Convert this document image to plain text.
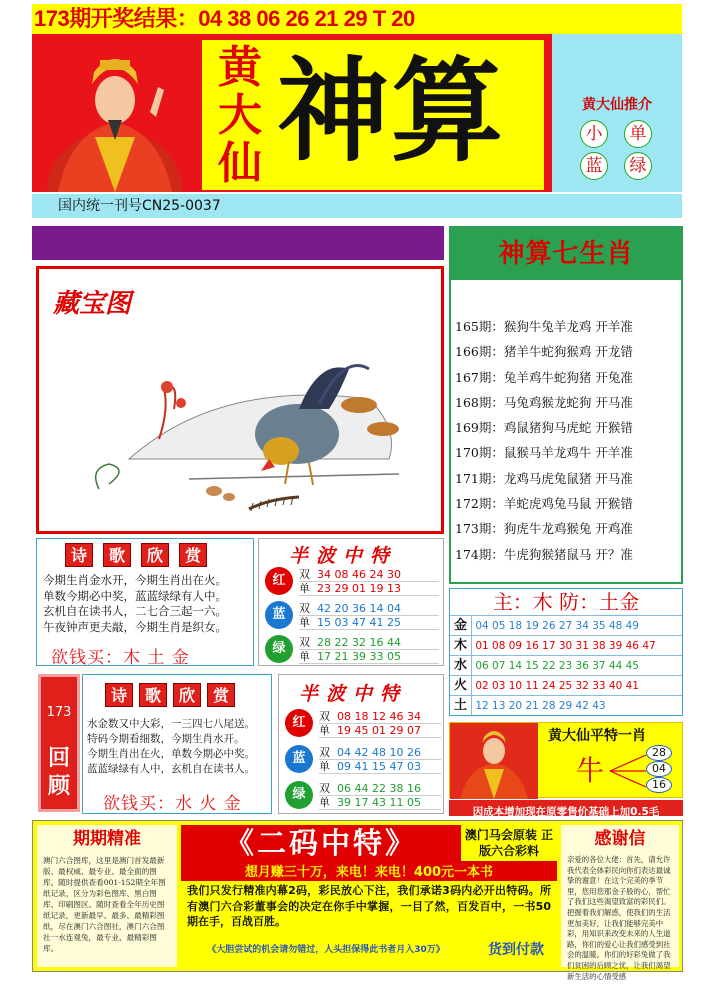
173期开奖结果：04 38 06 26 21 29 T 20
黄大仙 神算	黄大仙推介
小	单
蓝	绿
国内统一刊号CN25-0037
神算七生肖
165期：猴狗牛兔羊龙鸡 开羊准
166期：猪羊牛蛇狗猴鸡 开龙错
167期：兔羊鸡牛蛇狗猪 开兔准
168期：马兔鸡猴龙蛇狗 开马准
169期：鸡鼠猪狗马虎蛇 开猴错
170期：鼠猴马羊龙鸡牛 开羊准
171期：龙鸡马虎兔鼠猪 开马准
172期：羊蛇虎鸡兔马鼠 开猴错
173期：狗虎牛龙鸡猴兔 开鸡准
174期：牛虎狗猴猪鼠马 开？准
藏宝图
诗 歌 欣 赏
今期生肖金水开，今期生肖出在火。
单数今期必中奖，蓝蓝绿绿有人中。
玄机自在读书人，二七合三起一六。
午夜钟声更夫敲，今期生肖是织女。
欲钱买：木 土 金
半波中特
红	双 34 08 46 24 30
单 23 29 01 19 13
蓝	双 42 20 36 14 04
单 15 03 47 41 25
绿	双 28 22 32 16 44
单 17 21 39 33 05
主：木 防：土金
金 04 05 18 19 26 27 34 35 48 49
木 01 08 09 16 17 30 31 38 39 46 47
水 06 07 14 15 22 23 36 37 44 45
火 02 03 10 11 24 25 32 33 40 41
土 12 13 20 21 28 29 42 43
173
回顾
诗 歌 欣 赏
水金数又中大彩，一三四七八尾送。
特码今期看细数，今期生肖水开。
今期生肖出在火，单数今期必中奖。
蓝蓝绿绿有人中，玄机自在读书人。
欲钱买：水 火 金
半波中特
红	双 08 18 12 46 34
单 19 45 01 29 07
蓝	双 04 42 48 10 26
单 09 41 15 47 03
绿	双 06 44 22 38 16
单 39 17 43 11 05
黄大仙平特一肖
牛
28
04
16
因成本增加现在原零售价基础上加0.5毛
期期精准
澳门六合图库，这里是澳门首发最新版、最权威、最专业、最全面的图库。随时提供查看001-152期全年图纸记录，区分为彩色图库、黑白图库、印刷图区。随时查看全年历史图纸记录，更新最早、最多、最精彩图纸，尽在澳门六合图社，澳门六合图社一水连观兔，最专业、最精彩图库。
《二码中特》	澳门马会原装 正版六合彩料
想月赚三十万，来电！来电！400元一本书
我们只发行精准内幕2码，彩民放心下注，我们承诺3码内必开出特码。所有澳门六合彩董事会的决定在你手中掌握，一目了然，百发百中，一书50期在手，百战百胜。
《大胆尝试的机会请勿错过，人头担保得此书者月入30万》	货到付款
感谢信
亲爱的各位大佬：首先，请允许我代表全体彩民向你们表达最诚挚的谢意！在这个完美的季节里，您用您那金子般的心，帮忙了我们这些渴望致富的彩民们。把握着我们解惑，使我们的生活更加美好，让我们能够完美中彩，用知识来改变未来的人生道路，你们的爱心让我们感受到社会的温暖。你们的好彩兔做了我们贫困的后顾之忧，让我们渴望新生活的心情受感
